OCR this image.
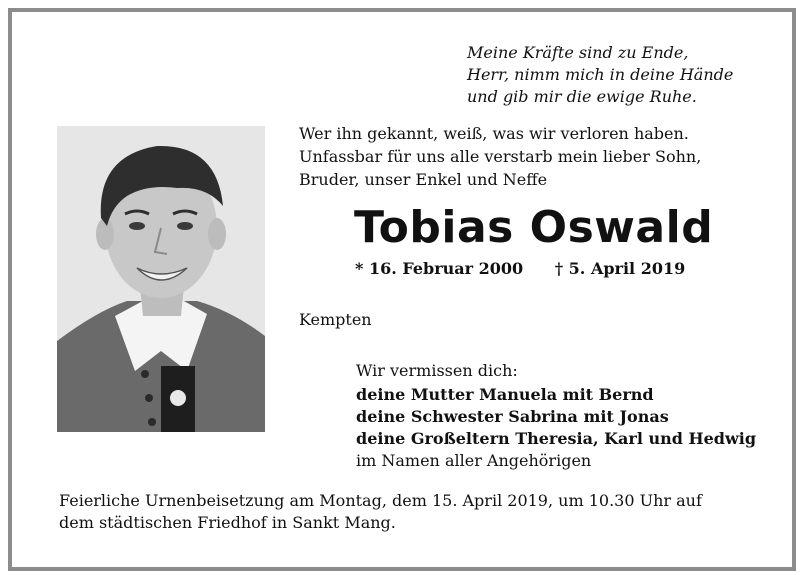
Meine Kräfte sind zu Ende,
Herr, nimm mich in deine Hände
und gib mir die ewige Ruhe.
Wer ihn gekannt, weiß, was wir verloren haben.
Unfassbar für uns alle verstarb mein lieber Sohn,
Bruder, unser Enkel und Neffe
Tobias Oswald
* 16. Februar 2000 † 5. April 2019
Kempten
Wir vermissen dich:
deine Mutter Manuela mit Bernd
deine Schwester Sabrina mit Jonas
deine Großeltern Theresia, Karl und Hedwig
im Namen aller Angehörigen
Feierliche Urnenbeisetzung am Montag, dem 15. April 2019, um 10.30 Uhr auf
dem städtischen Friedhof in Sankt Mang.
